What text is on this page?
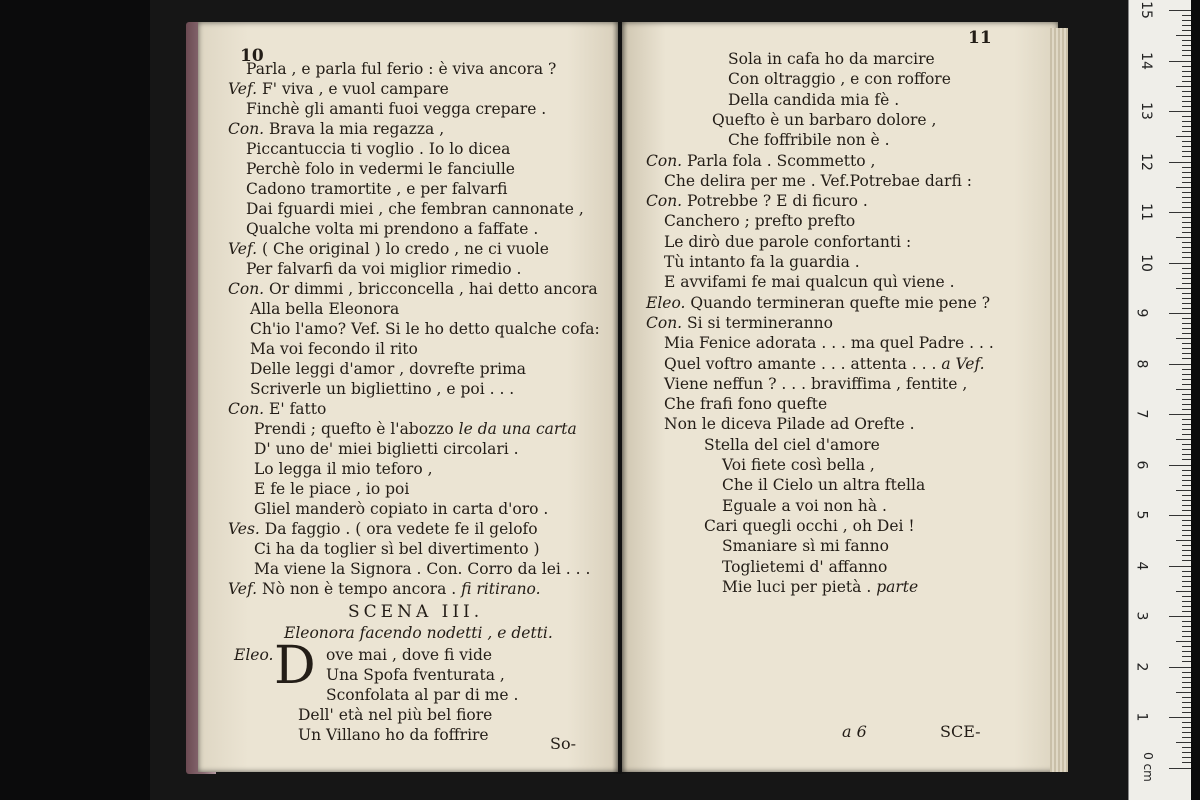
10
Parla , e parla ful ferio : è viva ancora ?
Vef. F' viva , e vuol campare
Finchè gli amanti fuoi vegga crepare .
Con. Brava la mia regazza ,
Piccantuccia ti voglio . Io lo dicea
Perchè folo in vedermi le fanciulle
Cadono tramortite , e per falvarfi
Dai fguardi miei , che fembran cannonate ,
Qualche volta mi prendono a faffate .
Vef. ( Che original ) lo credo , ne ci vuole
Per falvarfi da voi miglior rimedio .
Con. Or dimmi , bricconcella , hai detto ancora
Alla bella Eleonora
Ch'io l'amo? Vef. Si le ho detto qualche cofa:
Ma voi fecondo il rito
Delle leggi d'amor , dovrefte prima
Scriverle un bigliettino , e poi . . .
Con. E' fatto
Prendi ; quefto è l'abozzo le da una carta
D' uno de' miei biglietti circolari .
Lo legga il mio teforo ,
E fe le piace , io poi
Gliel manderò copiato in carta d'oro .
Ves. Da faggio . ( ora vedete fe il gelofo
Ci ha da toglier sì bel divertimento )
Ma viene la Signora . Con. Corro da lei . . .
Vef. Nò non è tempo ancora . fi ritirano.
SCENA III.
Eleonora facendo nodetti , e detti.
Eleo. D ove mai , dove fi vide
Una Spofa fventurata ,
Sconfolata al par di me .
Dell' età nel più bel fiore
Un Villano ho da foffrire	So-
11
Sola in cafa ho da marcire
Con oltraggio , e con roffore
Della candida mia fè .
Quefto è un barbaro dolore ,
Che foffribile non è .
Con. Parla fola . Scommetto ,
Che delira per me . Vef.Potrebae darfi :
Con. Potrebbe ? E di ficuro .
Canchero ; prefto prefto
Le dirò due parole confortanti :
Tù intanto fa la guardia .
E avvifami fe mai qualcun quì viene .
Eleo. Quando termineran quefte mie pene ?
Con. Si si termineranno
Mia Fenice adorata . . . ma quel Padre . . .
Quel voftro amante . . . attenta . . . a Vef.
Viene neffun ? . . . braviffima , fentite ,
Che frafi fono quefte
Non le diceva Pilade ad Orefte .
Stella del ciel d'amore
Voi fiete così bella ,
Che il Cielo un altra ftella
Eguale a voi non hà .
Cari quegli occhi , oh Dei !
Smaniare sì mi fanno
Toglietemi d' affanno
Mie luci per pietà . parte
a 6	SCE-
0 cm
15
14
13
12
11
10
9
8
7
6
5
4
3
2
1
